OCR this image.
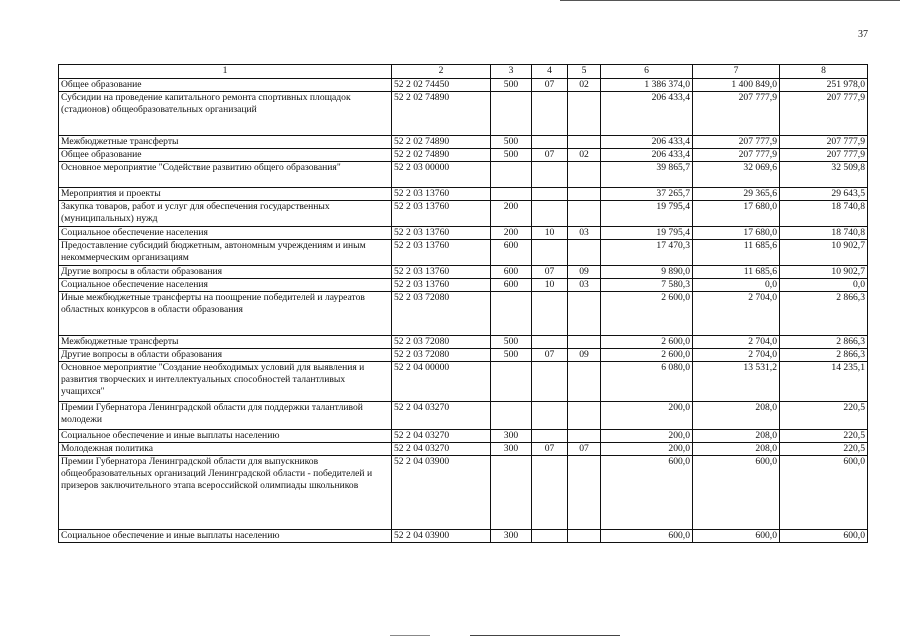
37
1	2	3	4	5	6	7	8
Общее образование	52 2 02 74450	500	07	02	1 386 374,0	1 400 849,0	251 978,0
Субсидии на проведение капитального ремонта спортивных площадок (стадионов) общеобразовательных организаций	52 2 02 74890				206 433,4	207 777,9	207 777,9
Межбюджетные трансферты	52 2 02 74890	500			206 433,4	207 777,9	207 777,9
Общее образование	52 2 02 74890	500	07	02	206 433,4	207 777,9	207 777,9
Основное мероприятие "Содействие развитию общего образования"	52 2 03 00000				39 865,7	32 069,6	32 509,8
Мероприятия и проекты	52 2 03 13760				37 265,7	29 365,6	29 643,5
Закупка товаров, работ и услуг для обеспечения государственных (муниципальных) нужд	52 2 03 13760	200			19 795,4	17 680,0	18 740,8
Социальное обеспечение населения	52 2 03 13760	200	10	03	19 795,4	17 680,0	18 740,8
Предоставление субсидий бюджетным, автономным учреждениям и иным некоммерческим организациям	52 2 03 13760	600			17 470,3	11 685,6	10 902,7
Другие вопросы в области образования	52 2 03 13760	600	07	09	9 890,0	11 685,6	10 902,7
Социальное обеспечение населения	52 2 03 13760	600	10	03	7 580,3	0,0	0,0
Иные межбюджетные трансферты на поощрение победителей и лауреатов областных конкурсов в области образования	52 2 03 72080				2 600,0	2 704,0	2 866,3
Межбюджетные трансферты	52 2 03 72080	500			2 600,0	2 704,0	2 866,3
Другие вопросы в области образования	52 2 03 72080	500	07	09	2 600,0	2 704,0	2 866,3
Основное мероприятие "Создание необходимых условий для выявления и развития творческих и интеллектуальных способностей талантливых учащихся"	52 2 04 00000				6 080,0	13 531,2	14 235,1
Премии Губернатора Ленинградской области для поддержки талантливой молодежи	52 2 04 03270				200,0	208,0	220,5
Социальное обеспечение и иные выплаты населению	52 2 04 03270	300			200,0	208,0	220,5
Молодежная политика	52 2 04 03270	300	07	07	200,0	208,0	220,5
Премии Губернатора Ленинградской области для выпускников общеобразовательных организаций Ленинградской области - победителей и призеров заключительного этапа всероссийской олимпиады школьников	52 2 04 03900				600,0	600,0	600,0
Социальное обеспечение и иные выплаты населению	52 2 04 03900	300			600,0	600,0	600,0
